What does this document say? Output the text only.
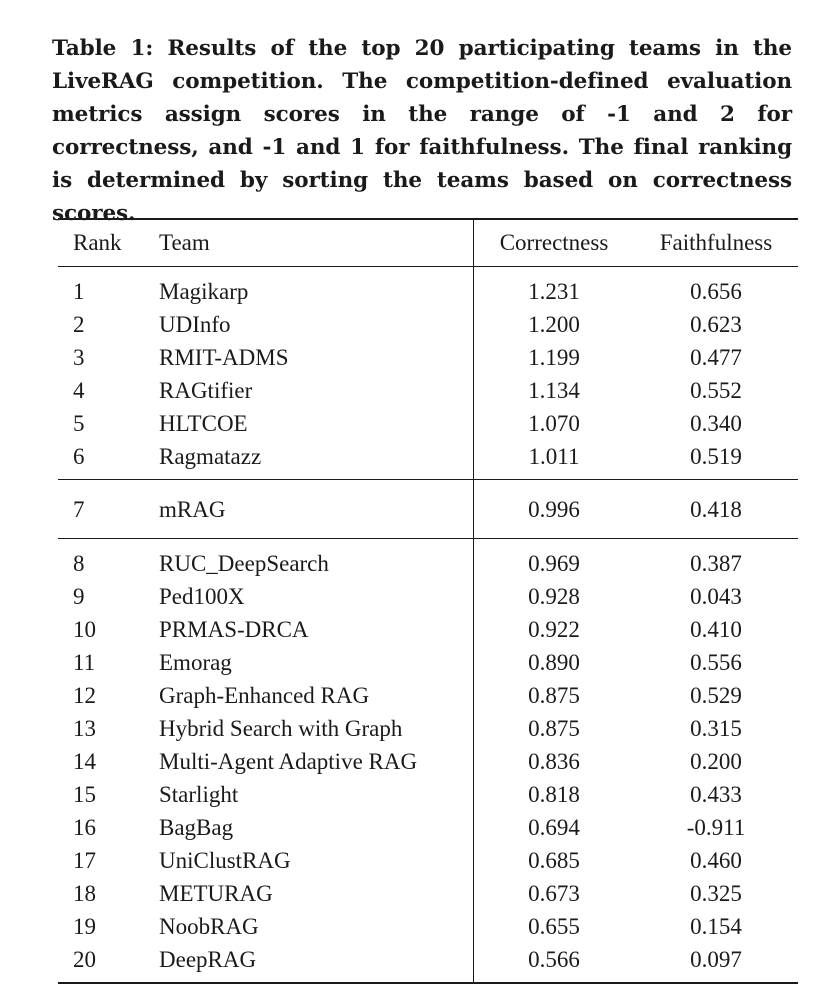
Table 1: Results of the top 20 participating teams in the LiveRAG competition. The competition-defined evaluation metrics assign scores in the range of -1 and 2 for correctness, and -1 and 1 for faithfulness. The final ranking is determined by sorting the teams based on correctness scores.
Rank	Team	Correctness	Faithfulness
1	Magikarp	1.231	0.656
2	UDInfo	1.200	0.623
3	RMIT-ADMS	1.199	0.477
4	RAGtifier	1.134	0.552
5	HLTCOE	1.070	0.340
6	Ragmatazz	1.011	0.519
7	mRAG	0.996	0.418
8	RUC_DeepSearch	0.969	0.387
9	Ped100X	0.928	0.043
10	PRMAS-DRCA	0.922	0.410
11	Emorag	0.890	0.556
12	Graph-Enhanced RAG	0.875	0.529
13	Hybrid Search with Graph	0.875	0.315
14	Multi-Agent Adaptive RAG	0.836	0.200
15	Starlight	0.818	0.433
16	BagBag	0.694	-0.911
17	UniClustRAG	0.685	0.460
18	METURAG	0.673	0.325
19	NoobRAG	0.655	0.154
20	DeepRAG	0.566	0.097
